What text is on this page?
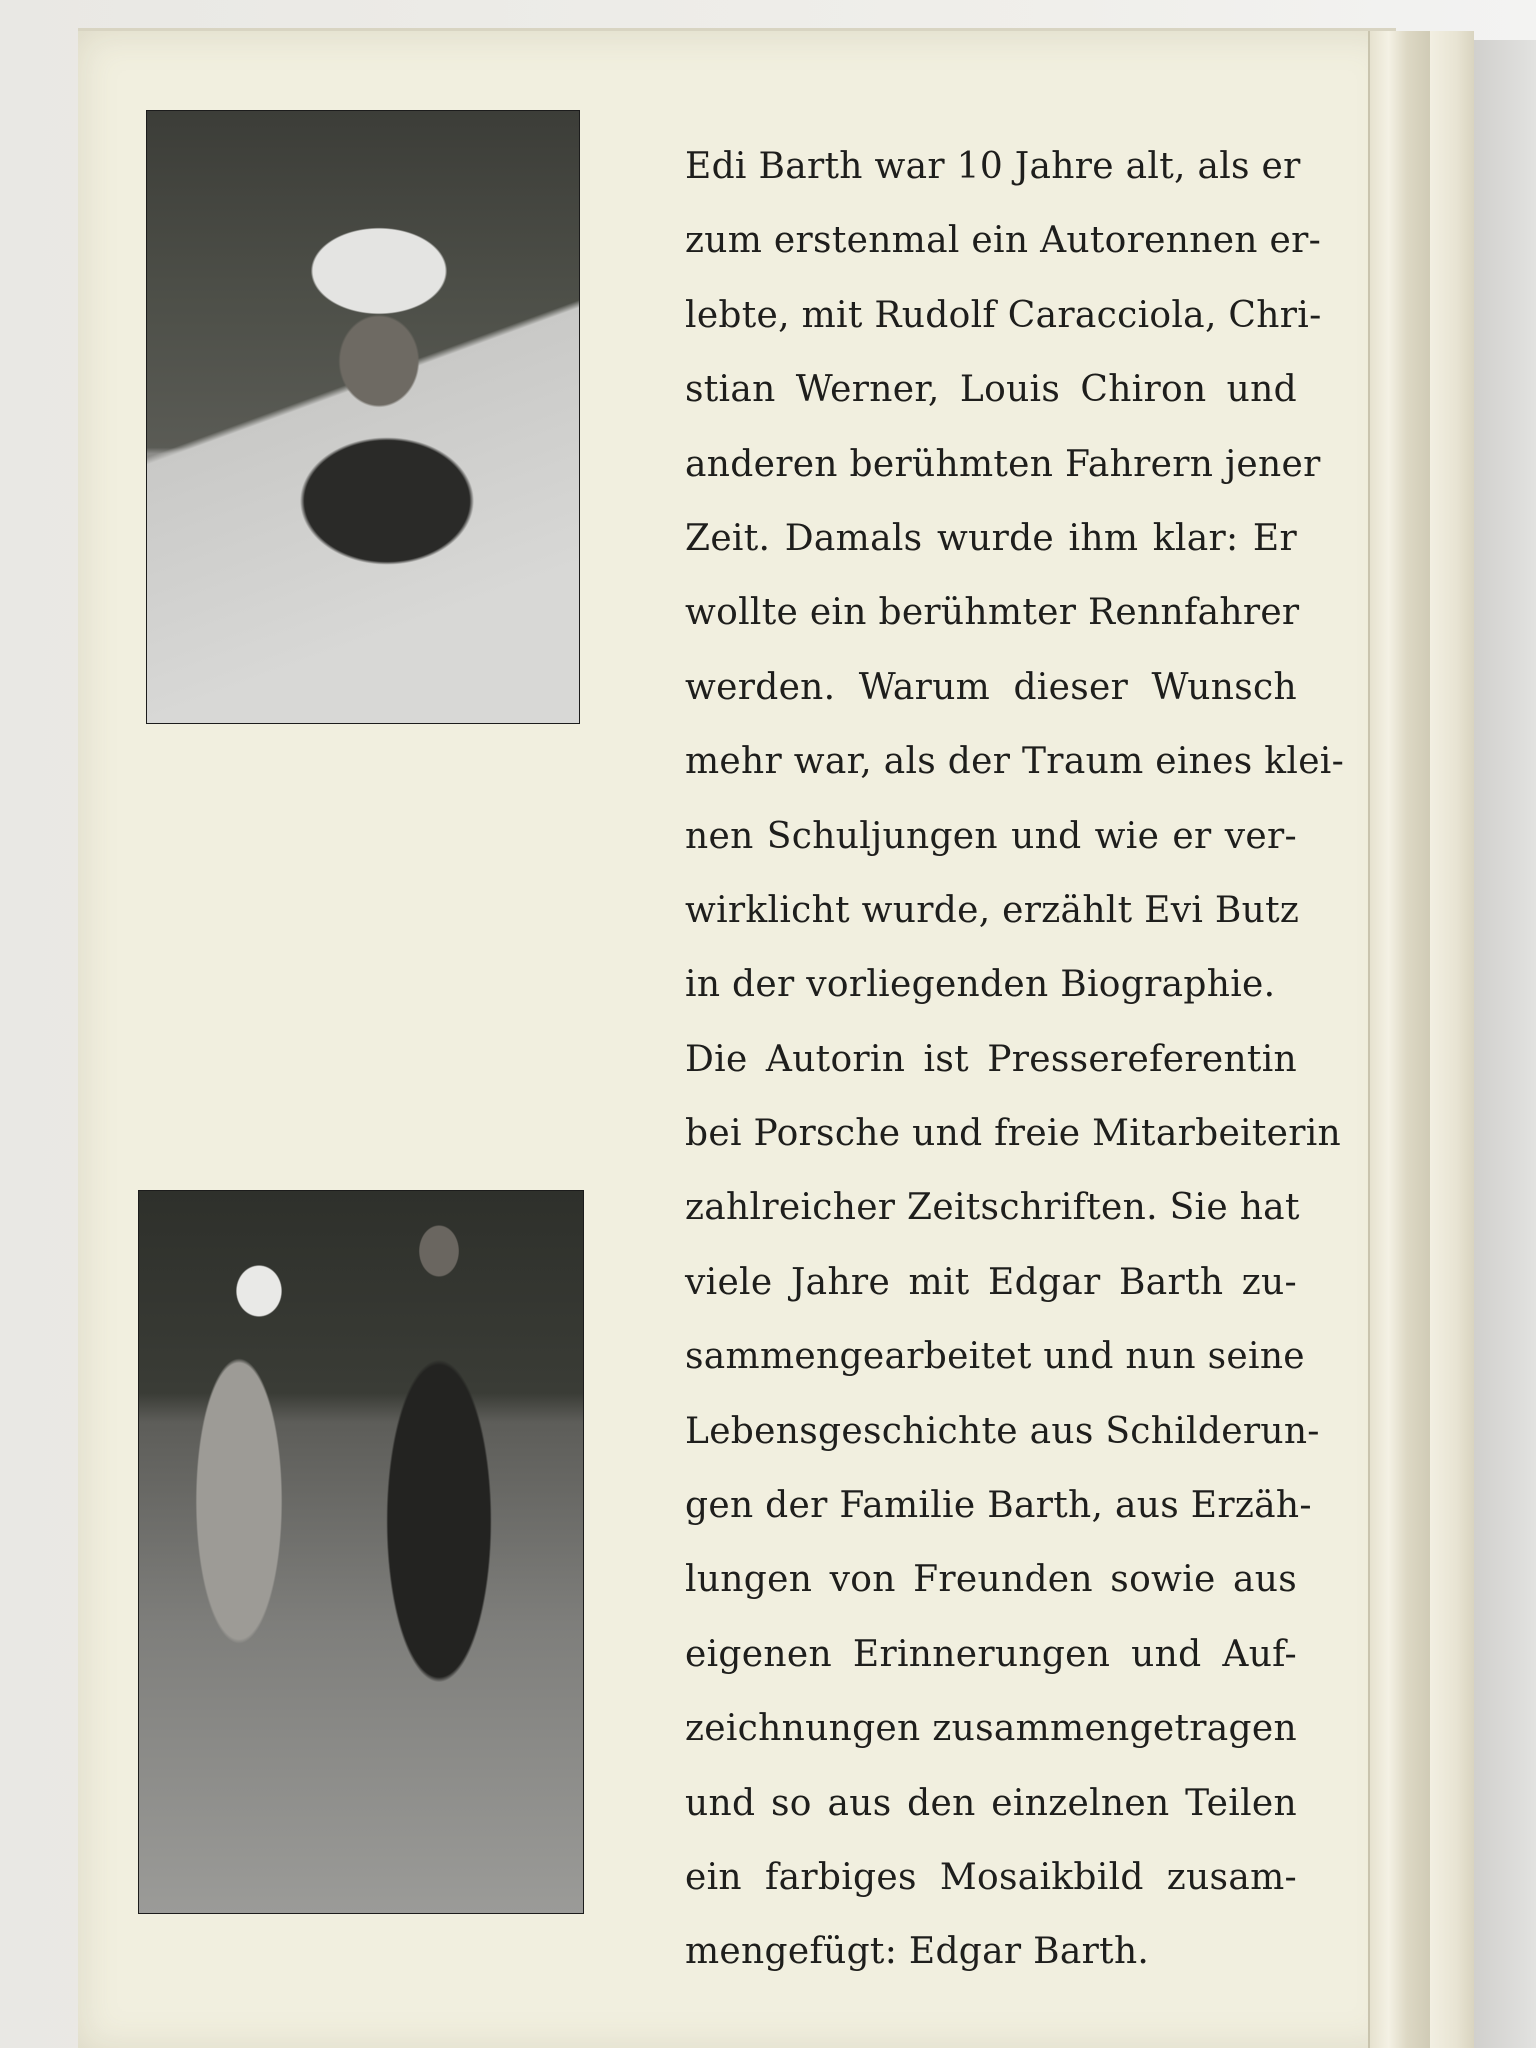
Edi Barth war 10 Jahre alt, als er
zum erstenmal ein Autorennen er-
lebte, mit Rudolf Caracciola, Chri-
stian Werner, Louis Chiron und
anderen berühmten Fahrern jener
Zeit. Damals wurde ihm klar: Er
wollte ein berühmter Rennfahrer
werden. Warum dieser Wunsch
mehr war, als der Traum eines klei-
nen Schuljungen und wie er ver-
wirklicht wurde, erzählt Evi Butz
in der vorliegenden Biographie.
Die Autorin ist Pressereferentin
bei Porsche und freie Mitarbeiterin
zahlreicher Zeitschriften. Sie hat
viele Jahre mit Edgar Barth zu-
sammengearbeitet und nun seine
Lebensgeschichte aus Schilderun-
gen der Familie Barth, aus Erzäh-
lungen von Freunden sowie aus
eigenen Erinnerungen und Auf-
zeichnungen zusammengetragen
und so aus den einzelnen Teilen
ein farbiges Mosaikbild zusam-
mengefügt: Edgar Barth.
